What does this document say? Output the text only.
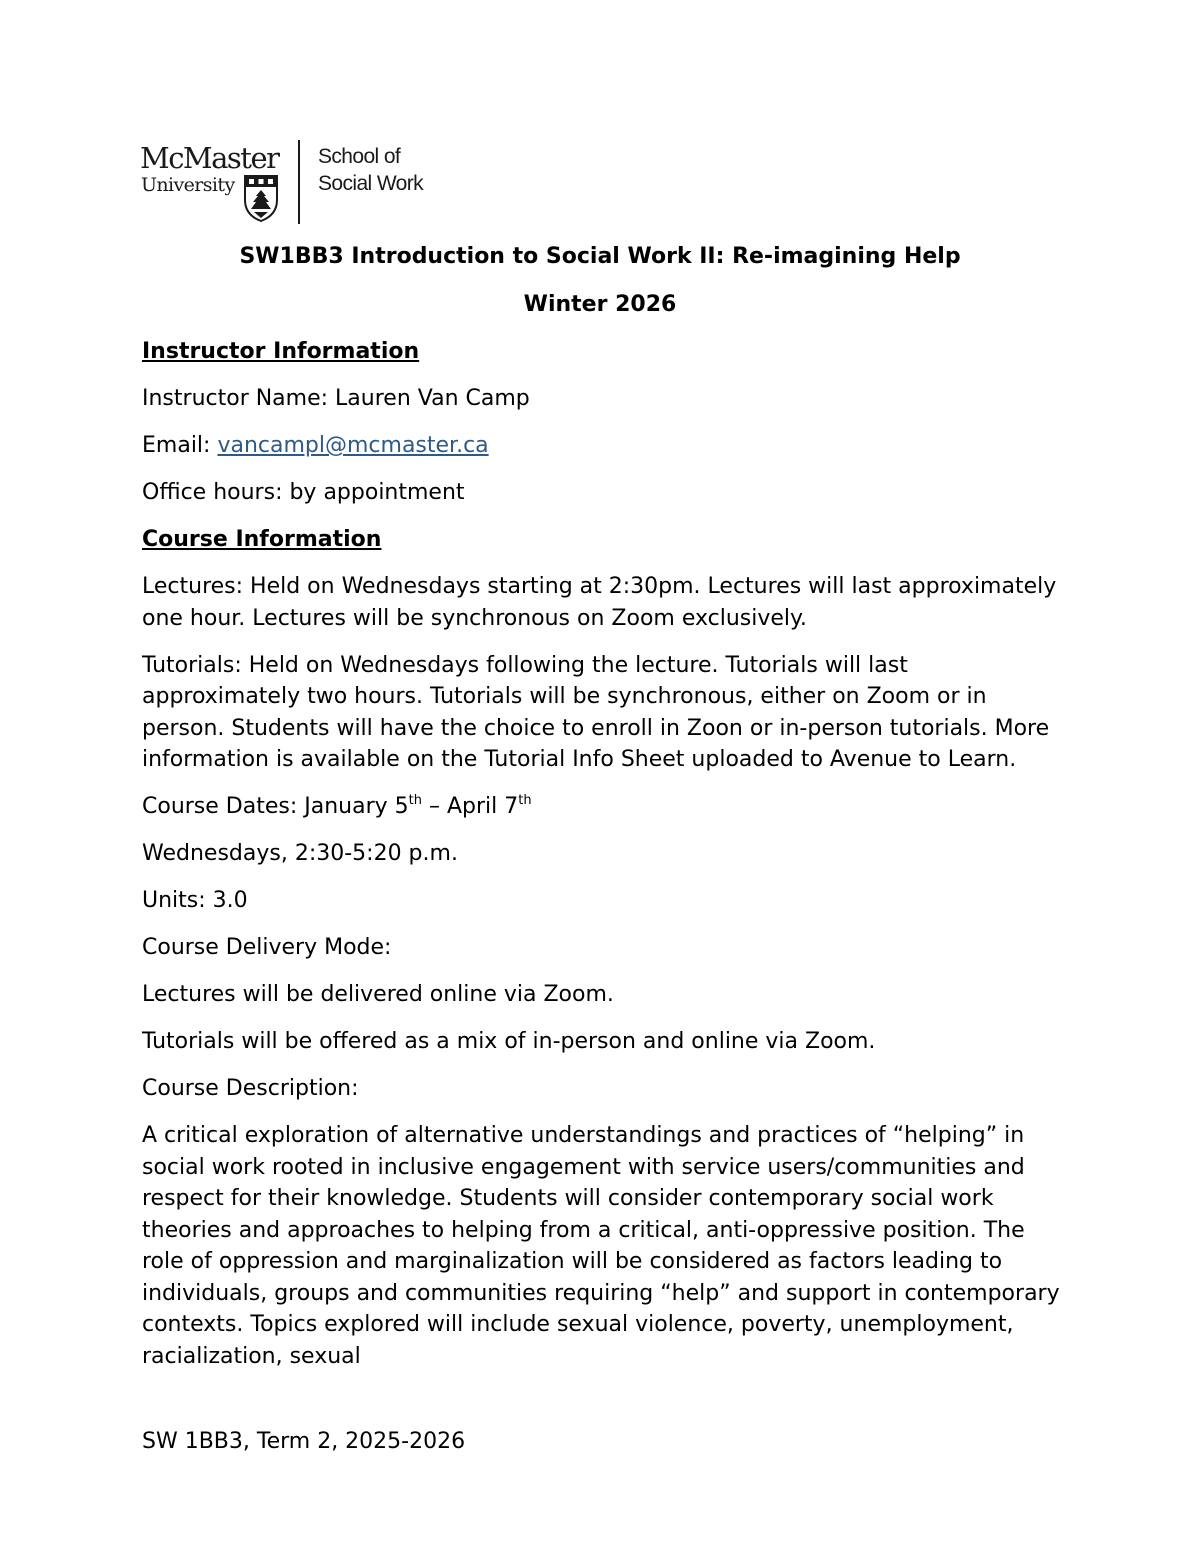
McMaster
University
School of
Social Work
SW1BB3 Introduction to Social Work II: Re-imagining Help
Winter 2026

Instructor Information

Instructor Name: Lauren Van Camp

Email: vancampl@mcmaster.ca

Office hours: by appointment

Course Information

Lectures: Held on Wednesdays starting at 2:30pm. Lectures will last approximately one hour. Lectures will be synchronous on Zoom exclusively.

Tutorials: Held on Wednesdays following the lecture. Tutorials will last approximately two hours. Tutorials will be synchronous, either on Zoom or in person. Students will have the choice to enroll in Zoon or in-person tutorials. More information is available on the Tutorial Info Sheet uploaded to Avenue to Learn.

Course Dates: January 5th – April 7th

Wednesdays, 2:30-5:20 p.m.

Units: 3.0

Course Delivery Mode:

Lectures will be delivered online via Zoom.

Tutorials will be offered as a mix of in-person and online via Zoom.

Course Description:

A critical exploration of alternative understandings and practices of “helping” in social work rooted in inclusive engagement with service users/communities and respect for their knowledge. Students will consider contemporary social work theories and approaches to helping from a critical, anti-oppressive position. The role of oppression and marginalization will be considered as factors leading to individuals, groups and communities requiring “help” and support in contemporary contexts. Topics explored will include sexual violence, poverty, unemployment, racialization, sexual

SW 1BB3, Term 2, 2025-2026
